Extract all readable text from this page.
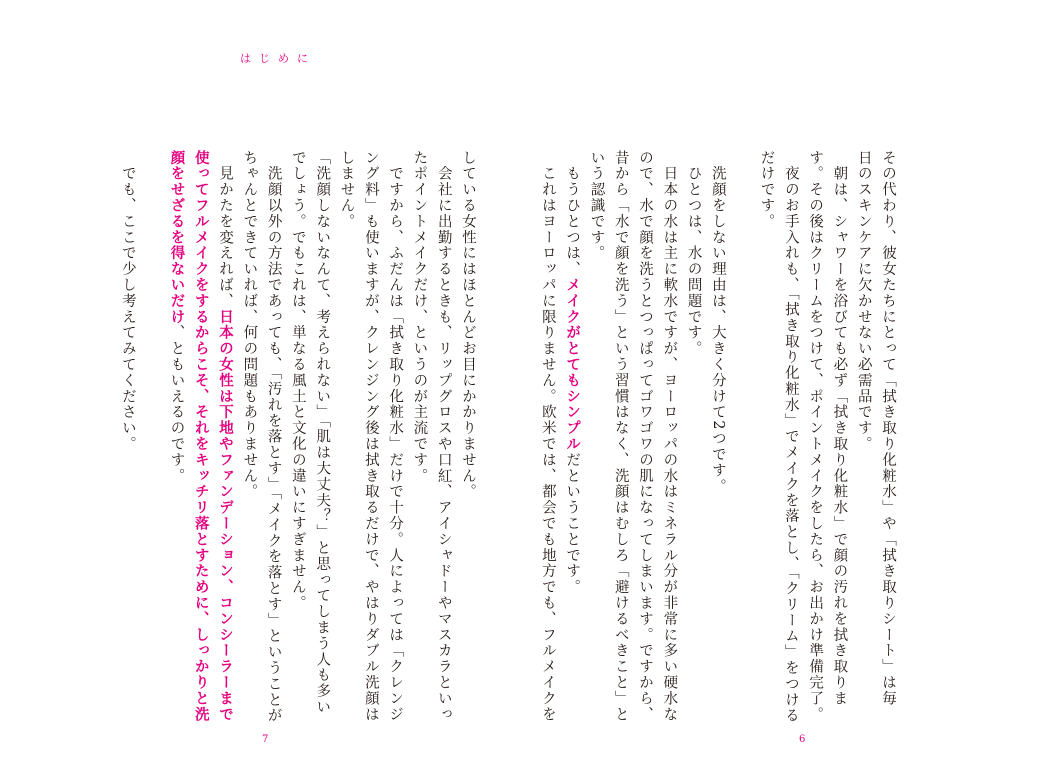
はじめに
その代わり、彼女たちにとって「拭き取り化粧水」や「拭き取りシート」は毎
日のスキンケアに欠かせない必需品です。
　朝は、シャワーを浴びても必ず「拭き取り化粧水」で顔の汚れを拭き取りま
す。その後はクリームをつけて、ポイントメイクをしたら、お出かけ準備完了。
　夜のお手入れも、「拭き取り化粧水」でメイクを落とし、「クリーム」をつける
だけです。

　洗顔をしない理由は、大きく分けて2つです。
　ひとつは、水の問題です。
　日本の水は主に軟水ですが、ヨーロッパの水はミネラル分が非常に多い硬水な
ので、水で顔を洗うとつっぱってゴワゴワの肌になってしまいます。ですから、
昔から「水で顔を洗う」という習慣はなく、洗顔はむしろ「避けるべきこと」と
いう認識です。
　もうひとつは、メイクがとてもシンプルだということです。
　これはヨーロッパに限りません。欧米では、都会でも地方でも、フルメイクを
している女性にはほとんどお目にかかりません。
　会社に出勤するときも、リップグロスや口紅、アイシャドーやマスカラといっ
たポイントメイクだけ、というのが主流です。
　ですから、ふだんは「拭き取り化粧水」だけで十分。人によっては「クレンジ
ング料」も使いますが、クレンジング後は拭き取るだけで、やはりダブル洗顔は
しません。
「洗顔しないなんて、考えられない」「肌は大丈夫？」と思ってしまう人も多い
でしょう。でもこれは、単なる風土と文化の違いにすぎません。
　洗顔以外の方法であっても、「汚れを落とす」「メイクを落とす」ということが
ちゃんとできていれば、何の問題もありません。
　見かたを変えれば、日本の女性は下地やファンデーション、コンシーラーまで
使ってフルメイクをするからこそ、それをキッチリ落とすために、しっかりと洗
顔をせざるを得ないだけ、ともいえるのです。

　でも、ここで少し考えてみてください。
7	6
